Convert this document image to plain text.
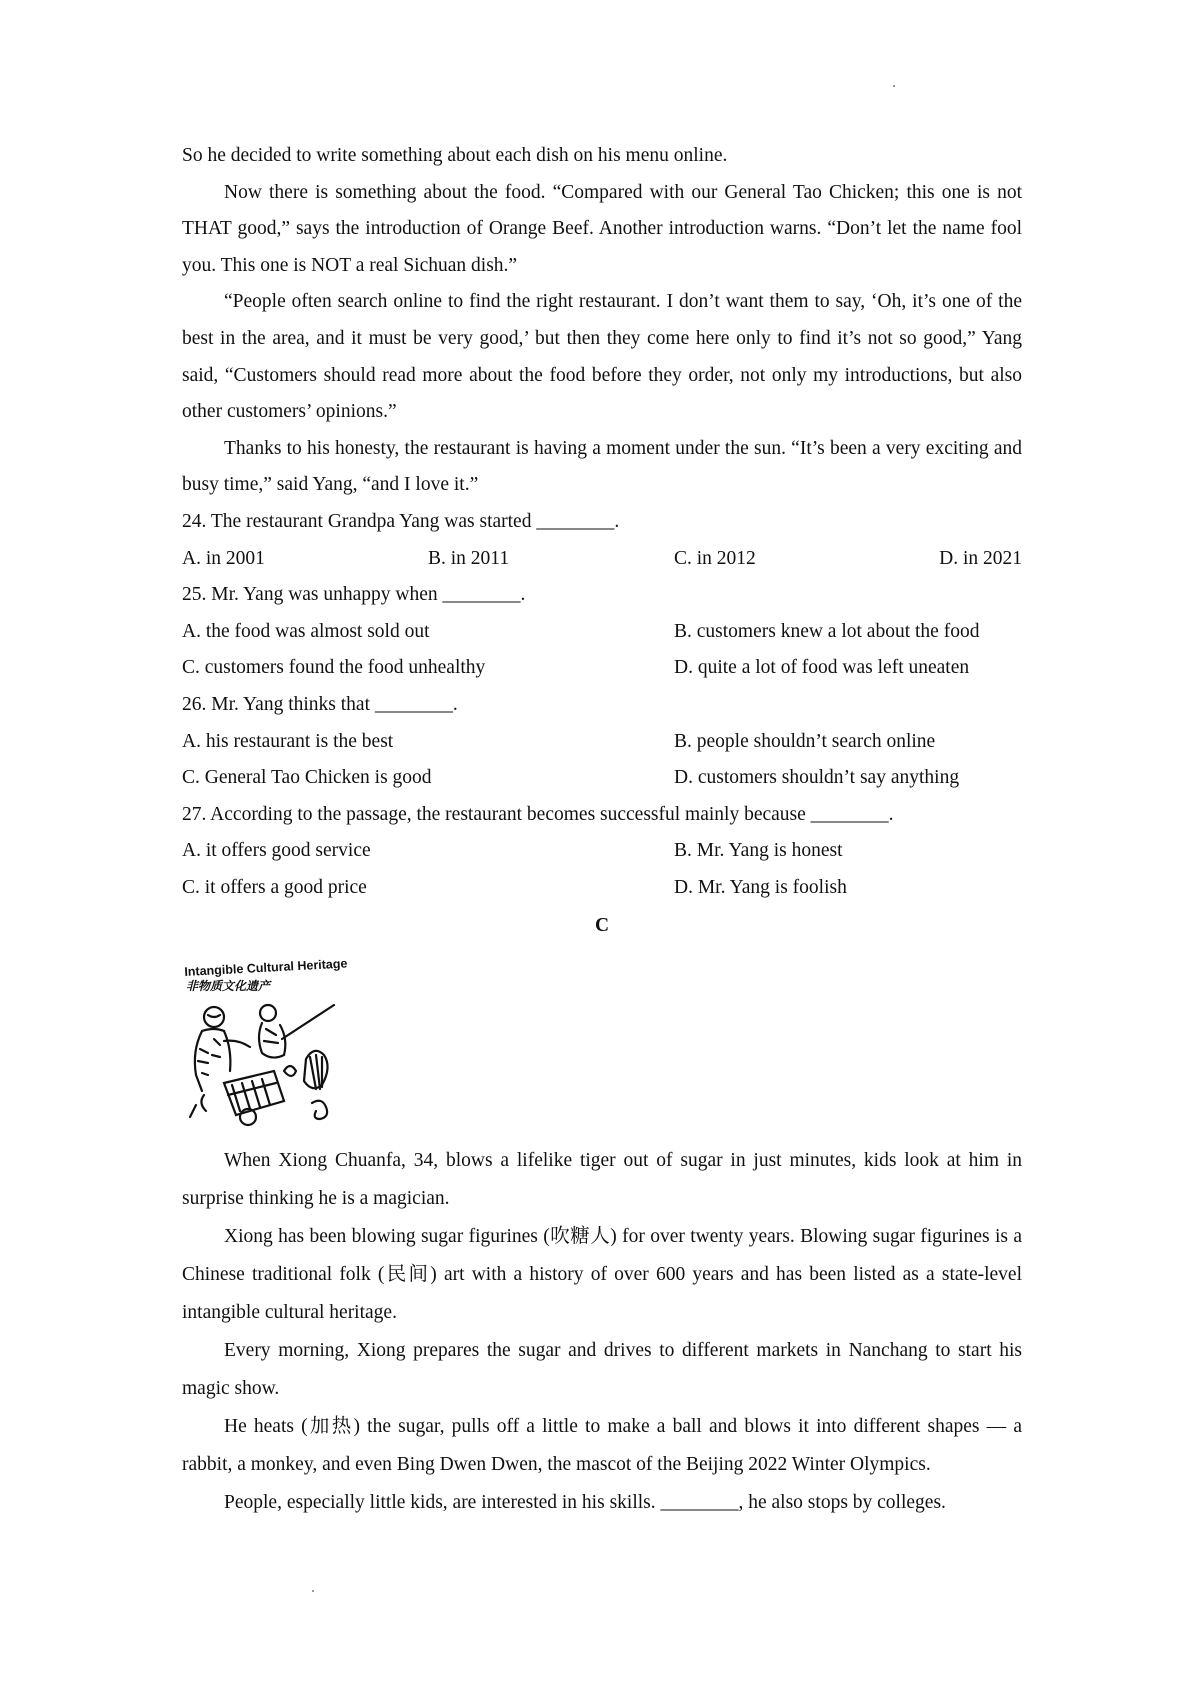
So he decided to write something about each dish on his menu online.

Now there is something about the food. “Compared with our General Tao Chicken; this one is not THAT good,” says the introduction of Orange Beef. Another introduction warns. “Don’t let the name fool you. This one is NOT a real Sichuan dish.”

“People often search online to find the right restaurant. I don’t want them to say, ‘Oh, it’s one of the best in the area, and it must be very good,’ but then they come here only to find it’s not so good,” Yang said, “Customers should read more about the food before they order, not only my introductions, but also other customers’ opinions.”

Thanks to his honesty, the restaurant is having a moment under the sun. “It’s been a very exciting and busy time,” said Yang, “and I love it.”

24. The restaurant Grandpa Yang was started ________.

A. in 2001	B. in 2011	C. in 2012	D. in 2021

25. Mr. Yang was unhappy when ________.

A. the food was almost sold out	B. customers knew a lot about the food
C. customers found the food unhealthy	D. quite a lot of food was left uneaten

26. Mr. Yang thinks that ________.

A. his restaurant is the best	B. people shouldn’t search online
C. General Tao Chicken is good	D. customers shouldn’t say anything

27. According to the passage, the restaurant becomes successful mainly because ________.

A. it offers good service	B. Mr. Yang is honest
C. it offers a good price	D. Mr. Yang is foolish

C

Intangible Cultural Heritage
非物质文化遗产

When Xiong Chuanfa, 34, blows a lifelike tiger out of sugar in just minutes, kids look at him in surprise thinking he is a magician.

Xiong has been blowing sugar figurines (吹糖人) for over twenty years. Blowing sugar figurines is a Chinese traditional folk (民间) art with a history of over 600 years and has been listed as a state-level intangible cultural heritage.

Every morning, Xiong prepares the sugar and drives to different markets in Nanchang to start his magic show.

He heats (加热) the sugar, pulls off a little to make a ball and blows it into different shapes — a rabbit, a monkey, and even Bing Dwen Dwen, the mascot of the Beijing 2022 Winter Olympics.

People, especially little kids, are interested in his skills. ________, he also stops by colleges.
